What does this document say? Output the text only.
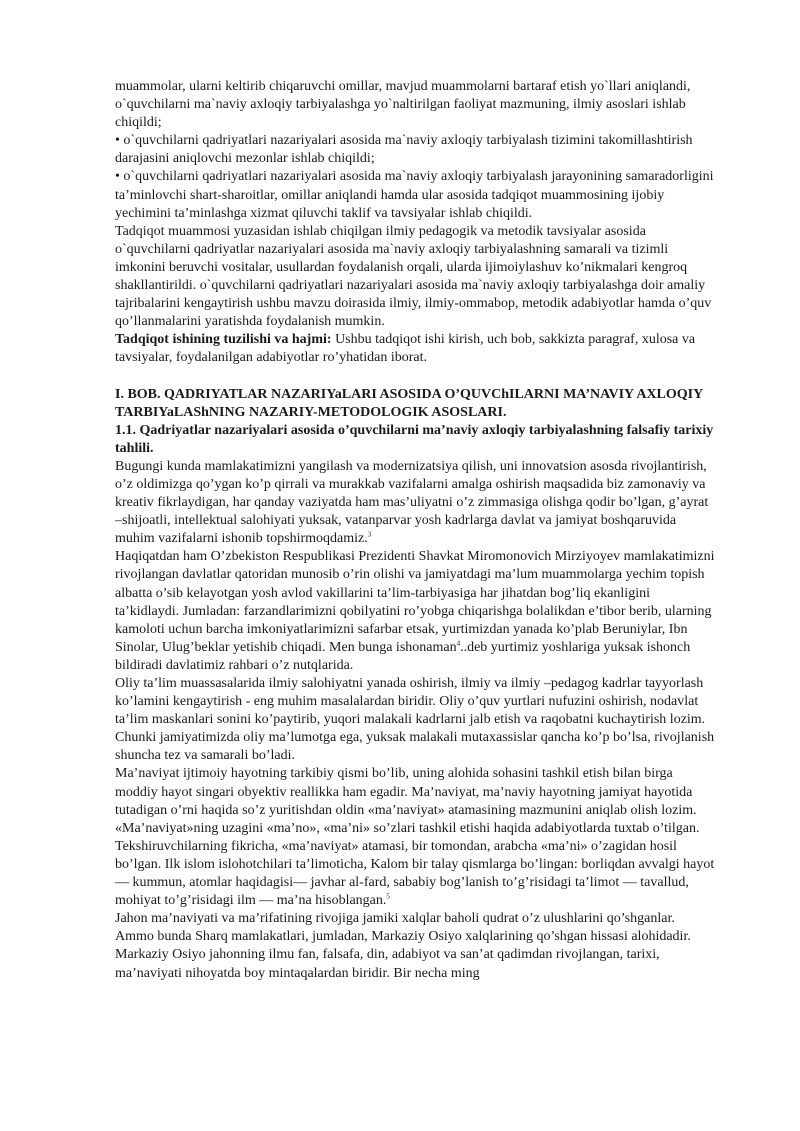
muammolar, ularni keltirib chiqaruvchi omillar, mavjud muammolarni bartaraf etish yo`llari aniqlandi, o`quvchilarni ma`naviy axloqiy tarbiyalashga yo`naltirilgan faoliyat mazmuning, ilmiy asoslari ishlab chiqildi;

• o`quvchilarni qadriyatlari nazariyalari asosida ma`naviy axloqiy tarbiyalash tizimini takomillashtirish darajasini aniqlovchi mezonlar ishlab chiqildi;

• o`quvchilarni qadriyatlari nazariyalari asosida ma`naviy axloqiy tarbiyalash jarayonining samaradorligini ta’minlovchi shart-sharoitlar, omillar aniqlandi hamda ular asosida tadqiqot muammosining ijobiy yechimini ta’minlashga xizmat qiluvchi taklif va tavsiyalar ishlab chiqildi.

Tadqiqot muammosi yuzasidan ishlab chiqilgan ilmiy pedagogik va metodik tavsiyalar asosida o`quvchilarni qadriyatlar nazariyalari asosida ma`naviy axloqiy tarbiyalashning samarali va tizimli imkonini beruvchi vositalar, usullardan foydalanish orqali, ularda ijimoiylashuv ko’nikmalari kengroq shakllantirildi. o`quvchilarni qadriyatlari nazariyalari asosida ma`naviy axloqiy tarbiyalashga doir amaliy tajribalarini kengaytirish ushbu mavzu doirasida ilmiy, ilmiy-ommabop, metodik adabiyotlar hamda o’quv qo’llanmalarini yaratishda foydalanish mumkin.

Tadqiqot ishining tuzilishi va hajmi: Ushbu tadqiqot ishi kirish, uch bob, sakkizta paragraf, xulosa va tavsiyalar, foydalanilgan adabiyotlar ro’yhatidan iborat.

I. BOB. QADRIYATLAR NAZARIYaLARI ASOSIDA O’QUVChILARNI MA’NAVIY AXLOQIY TARBIYaLAShNING NAZARIY-METODOLOGIK ASOSLARI.

1.1. Qadriyatlar nazariyalari asosida o’quvchilarni ma’naviy axloqiy tarbiyalashning falsafiy tarixiy tahlili.

Bugungi kunda mamlakatimizni yangilash va modernizatsiya qilish, uni innovatsion asosda rivojlantirish, o’z oldimizga qo’ygan ko’p qirrali va murakkab vazifalarni amalga oshirish maqsadida biz zamonaviy va kreativ fikrlaydigan, har qanday vaziyatda ham mas’uliyatni o’z zimmasiga olishga qodir bo’lgan, g’ayrat –shijoatli, intellektual salohiyati yuksak, vatanparvar yosh kadrlarga davlat va jamiyat boshqaruvida muhim vazifalarni ishonib topshirmoqdamiz.$^3$

Haqiqatdan ham O’zbekiston Respublikasi Prezidenti Shavkat Miromonovich Mirziyoyev mamlakatimizni rivojlangan davlatlar qatoridan munosib o’rin olishi va jamiyatdagi ma’lum muammolarga yechim topish albatta o’sib kelayotgan yosh avlod vakillarini ta’lim-tarbiyasiga har jihatdan bog’liq ekanligini ta’kidlaydi. Jumladan: farzandlarimizni qobilyatini ro’yobga chiqarishga bolalikdan e’tibor berib, ularning kamoloti uchun barcha imkoniyatlarimizni safarbar etsak, yurtimizdan yanada ko’plab Beruniylar, Ibn Sinolar, Ulug’beklar yetishib chiqadi. Men bunga ishonaman$^4$..deb yurtimiz yoshlariga yuksak ishonch bildiradi davlatimiz rahbari o’z nutqlarida.

Oliy ta’lim muassasalarida ilmiy salohiyatni yanada oshirish, ilmiy va ilmiy –pedagog kadrlar tayyorlash ko’lamini kengaytirish - eng muhim masalalardan biridir. Oliy o’quv yurtlari nufuzini oshirish, nodavlat ta’lim maskanlari sonini ko’paytirib, yuqori malakali kadrlarni jalb etish va raqobatni kuchaytirish lozim. Chunki jamiyatimizda oliy ma’lumotga ega, yuksak malakali mutaxassislar qancha ko’p bo’lsa, rivojlanish shuncha tez va samarali bo’ladi.

Ma’naviyat ijtimoiy hayotning tarkibiy qismi bo’lib, uning alohida sohasini tashkil etish bilan birga moddiy hayot singari obyektiv reallikka ham egadir. Ma’naviyat, ma’naviy hayotning jamiyat hayotida tutadigan o’rni haqida so’z yuritishdan oldin «ma’naviyat» atamasining mazmunini aniqlab olish lozim. «Ma’naviyat»ning uzagini «ma’no», «ma’ni» so’zlari tashkil etishi haqida adabiyotlarda tuxtab o’tilgan. Tekshiruvchilarning fikricha, «ma’naviyat» atamasi, bir tomondan, arabcha «ma’ni» o’zagidan hosil bo’lgan. Ilk islom islohotchilari ta’limoticha, Kalom bir talay qismlarga bo’lingan: borliqdan avvalgi hayot— kummun, atomlar haqidagisi— javhar al-fard, sababiy bog’lanish to’g’risidagi ta’limot — tavallud, mohiyat to’g’risidagi ilm — ma’na hisoblangan.$^5$

Jahon ma’naviyati va ma’rifatining rivojiga jamiki xalqlar baholi qudrat o’z ulushlarini qo’shganlar. Ammo bunda Sharq mamlakatlari, jumladan, Markaziy Osiyo xalqlarining qo’shgan hissasi alohidadir. Markaziy Osiyo jahonning ilmu fan, falsafa, din, adabiyot va san’at qadimdan rivojlangan, tarixi, ma’naviyati nihoyatda boy mintaqalardan biridir. Bir necha ming
